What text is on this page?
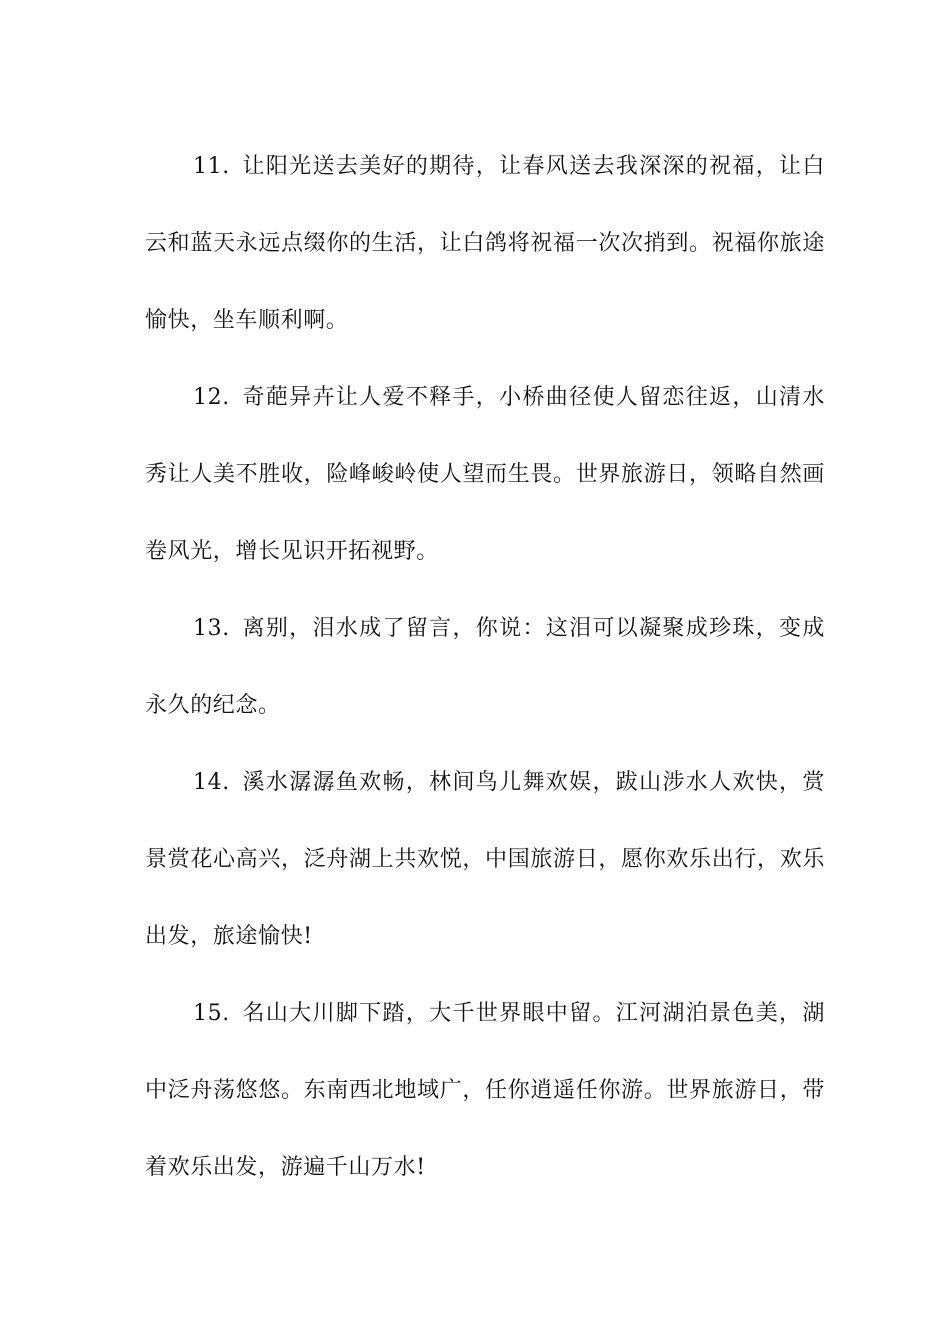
11. 让阳光送去美好的期待，让春风送去我深深的祝福，让白云和蓝天永远点缀你的生活，让白鸽将祝福一次次捎到。祝福你旅途愉快，坐车顺利啊。

12. 奇葩异卉让人爱不释手，小桥曲径使人留恋往返，山清水秀让人美不胜收，险峰峻岭使人望而生畏。世界旅游日，领略自然画卷风光，增长见识开拓视野。

13. 离别，泪水成了留言，你说：这泪可以凝聚成珍珠，变成永久的纪念。

14. 溪水潺潺鱼欢畅，林间鸟儿舞欢娱，跋山涉水人欢快，赏景赏花心高兴，泛舟湖上共欢悦，中国旅游日，愿你欢乐出行，欢乐出发，旅途愉快!

15. 名山大川脚下踏，大千世界眼中留。江河湖泊景色美，湖中泛舟荡悠悠。东南西北地域广，任你逍遥任你游。世界旅游日，带着欢乐出发，游遍千山万水!
